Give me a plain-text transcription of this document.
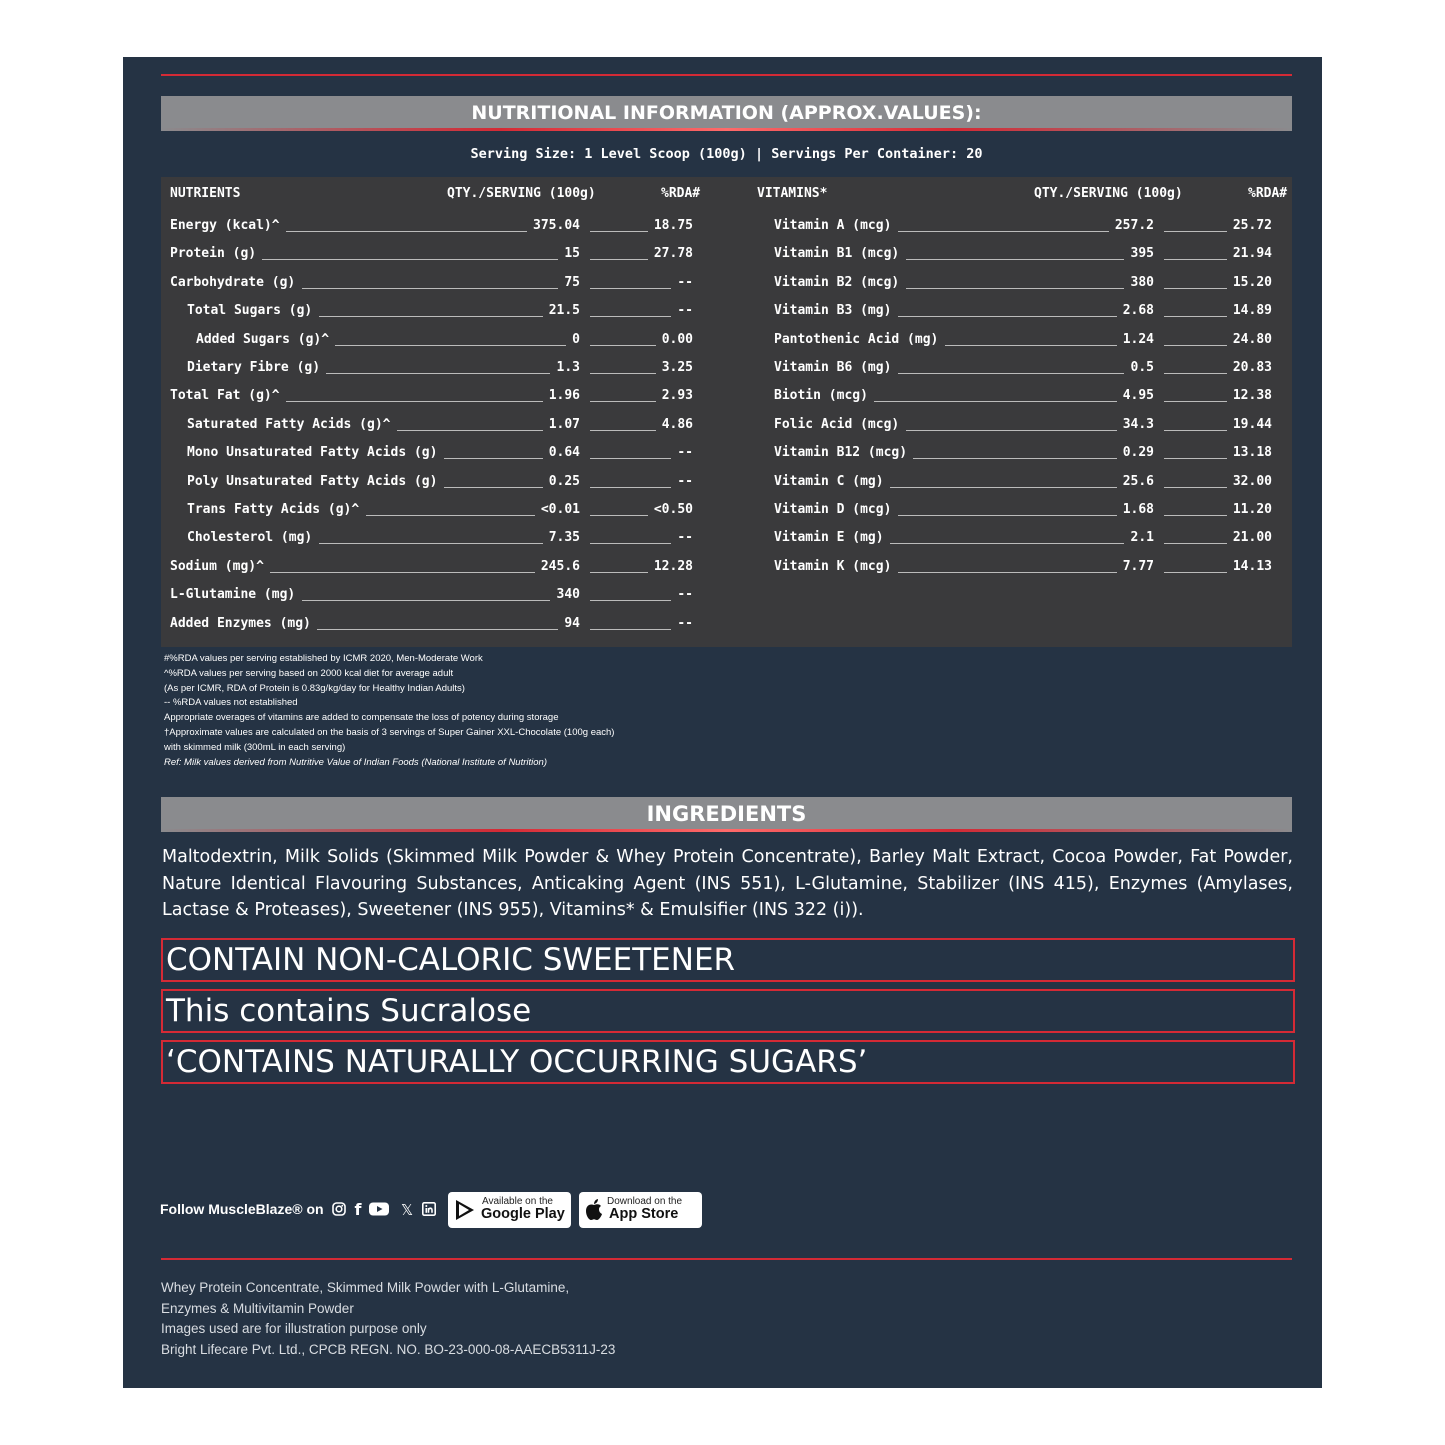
NUTRITIONAL INFORMATION (APPROX.VALUES):
Serving Size: 1 Level Scoop (100g) | Servings Per Container: 20
NUTRIENTS	QTY./SERVING (100g)	%RDA#	VITAMINS*	QTY./SERVING (100g)	%RDA#
Energy (kcal)^	375.04	18.75
Protein (g)	15	27.78
Carbohydrate (g)	75	--
Total Sugars (g)	21.5	--
Added Sugars (g)^	0	0.00
Dietary Fibre (g)	1.3	3.25
Total Fat (g)^	1.96	2.93
Saturated Fatty Acids (g)^	1.07	4.86
Mono Unsaturated Fatty Acids (g)	0.64	--
Poly Unsaturated Fatty Acids (g)	0.25	--
Trans Fatty Acids (g)^	<0.01	<0.50
Cholesterol (mg)	7.35	--
Sodium (mg)^	245.6	12.28
L-Glutamine (mg)	340	--
Added Enzymes (mg)	94	--
Vitamin A (mcg)	257.2	25.72
Vitamin B1 (mcg)	395	21.94
Vitamin B2 (mcg)	380	15.20
Vitamin B3 (mg)	2.68	14.89
Pantothenic Acid (mg)	1.24	24.80
Vitamin B6 (mg)	0.5	20.83
Biotin (mcg)	4.95	12.38
Folic Acid (mcg)	34.3	19.44
Vitamin B12 (mcg)	0.29	13.18
Vitamin C (mg)	25.6	32.00
Vitamin D (mcg)	1.68	11.20
Vitamin E (mg)	2.1	21.00
Vitamin K (mcg)	7.77	14.13
#%RDA values per serving established by ICMR 2020, Men-Moderate Work
^%RDA values per serving based on 2000 kcal diet for average adult
(As per ICMR, RDA of Protein is 0.83g/kg/day for Healthy Indian Adults)
-- %RDA values not established
Appropriate overages of vitamins are added to compensate the loss of potency during storage
†Approximate values are calculated on the basis of 3 servings of Super Gainer XXL-Chocolate (100g each)
with skimmed milk (300mL in each serving)
Ref: Milk values derived from Nutritive Value of Indian Foods (National Institute of Nutrition)
INGREDIENTS
Maltodextrin, Milk Solids (Skimmed Milk Powder & Whey Protein Concentrate), Barley Malt Extract, Cocoa Powder, Fat Powder, Nature Identical Flavouring Substances, Anticaking Agent (INS 551), L-Glutamine, Stabilizer (INS 415), Enzymes (Amylases, Lactase & Proteases), Sweetener (INS 955), Vitamins* & Emulsifier (INS 322 (i)).
CONTAIN NON-CALORIC SWEETENER
This contains Sucralose
‘CONTAINS NATURALLY OCCURRING SUGARS’
Follow MuscleBlaze® on f	𝕏	Available on the
Google Play
Download on the
App Store
Whey Protein Concentrate, Skimmed Milk Powder with L-Glutamine,
Enzymes & Multivitamin Powder
Images used are for illustration purpose only
Bright Lifecare Pvt. Ltd., CPCB REGN. NO. BO-23-000-08-AAECB5311J-23
